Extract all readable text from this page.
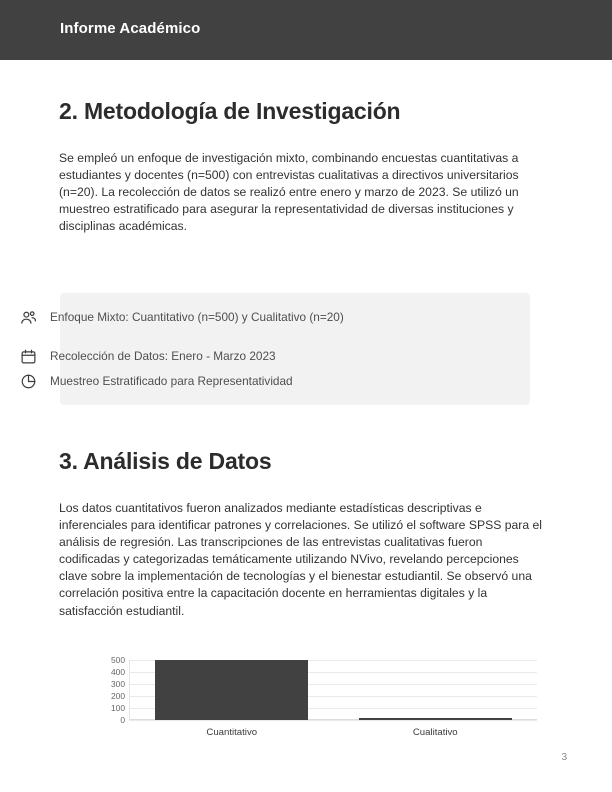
Informe Académico
2. Metodología de Investigación
Se empleó un enfoque de investigación mixto, combinando encuestas cuantitativas a estudiantes y docentes (n=500) con entrevistas cualitativas a directivos universitarios (n=20). La recolección de datos se realizó entre enero y marzo de 2023. Se utilizó un muestreo estratificado para asegurar la representatividad de diversas instituciones y disciplinas académicas.
Enfoque Mixto: Cuantitativo (n=500) y Cualitativo (n=20)
Recolección de Datos: Enero - Marzo 2023
Muestreo Estratificado para Representatividad
3. Análisis de Datos
Los datos cuantitativos fueron analizados mediante estadísticas descriptivas e inferenciales para identificar patrones y correlaciones. Se utilizó el software SPSS para el análisis de regresión. Las transcripciones de las entrevistas cualitativas fueron codificadas y categorizadas temáticamente utilizando NVivo, revelando percepciones clave sobre la implementación de tecnologías y el bienestar estudiantil. Se observó una correlación positiva entre la capacitación docente en herramientas digitales y la satisfacción estudiantil.
500
400
300
200
100
0
Cuantitativo	Cualitativo
3
